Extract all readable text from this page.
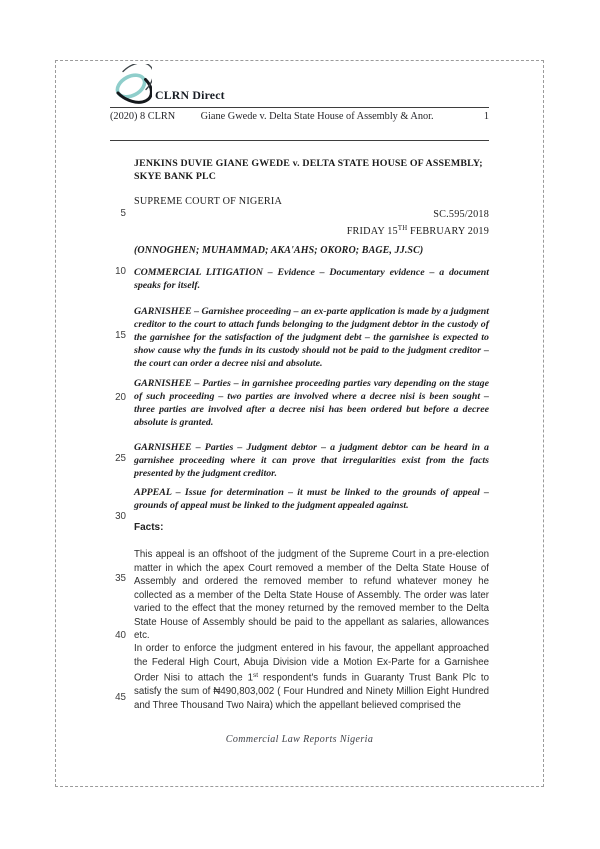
CLRN Direct
(2020) 8 CLRN	Giane Gwede v. Delta State House of Assembly & Anor.	1
5
10
15
20
25
30
35
40
45
JENKINS DUVIE GIANE GWEDE v. DELTA STATE HOUSE OF ASSEMBLY;
SKYE BANK PLC
SUPREME COURT OF NIGERIA
SC.595/2018
FRIDAY 15TH FEBRUARY 2019
(ONNOGHEN; MUHAMMAD; AKA'AHS; OKORO; BAGE, JJ.SC)
COMMERCIAL LITIGATION – Evidence – Documentary evidence – a document speaks for itself.
GARNISHEE – Garnishee proceeding – an ex-parte application is made by a judgment creditor to the court to attach funds belonging to the judgment debtor in the custody of the garnishee for the satisfaction of the judgment debt – the garnishee is expected to show cause why the funds in its custody should not be paid to the judgment creditor – the court can order a decree nisi and absolute.
GARNISHEE – Parties – in garnishee proceeding parties vary depending on the stage of such proceeding – two parties are involved where a decree nisi is been sought – three parties are involved after a decree nisi has been ordered but before a decree absolute is granted.
GARNISHEE – Parties – Judgment debtor – a judgment debtor can be heard in a garnishee proceeding where it can prove that irregularities exist from the facts presented by the judgment creditor.
APPEAL – Issue for determination – it must be linked to the grounds of appeal – grounds of appeal must be linked to the judgment appealed against.
Facts:
This appeal is an offshoot of the judgment of the Supreme Court in a pre-election matter in which the apex Court removed a member of the Delta State House of Assembly and ordered the removed member to refund whatever money he collected as a member of the Delta State House of Assembly. The order was later varied to the effect that the money returned by the removed member to the Delta State House of Assembly should be paid to the appellant as salaries, allowances etc.
In order to enforce the judgment entered in his favour, the appellant approached the Federal High Court, Abuja Division vide a Motion Ex-Parte for a Garnishee Order Nisi to attach the 1st respondent's funds in Guaranty Trust Bank Plc to satisfy the sum of ₦490,803,002 ( Four Hundred and Ninety Million Eight Hundred and Three Thousand Two Naira) which the appellant believed comprised the
Commercial Law Reports Nigeria
